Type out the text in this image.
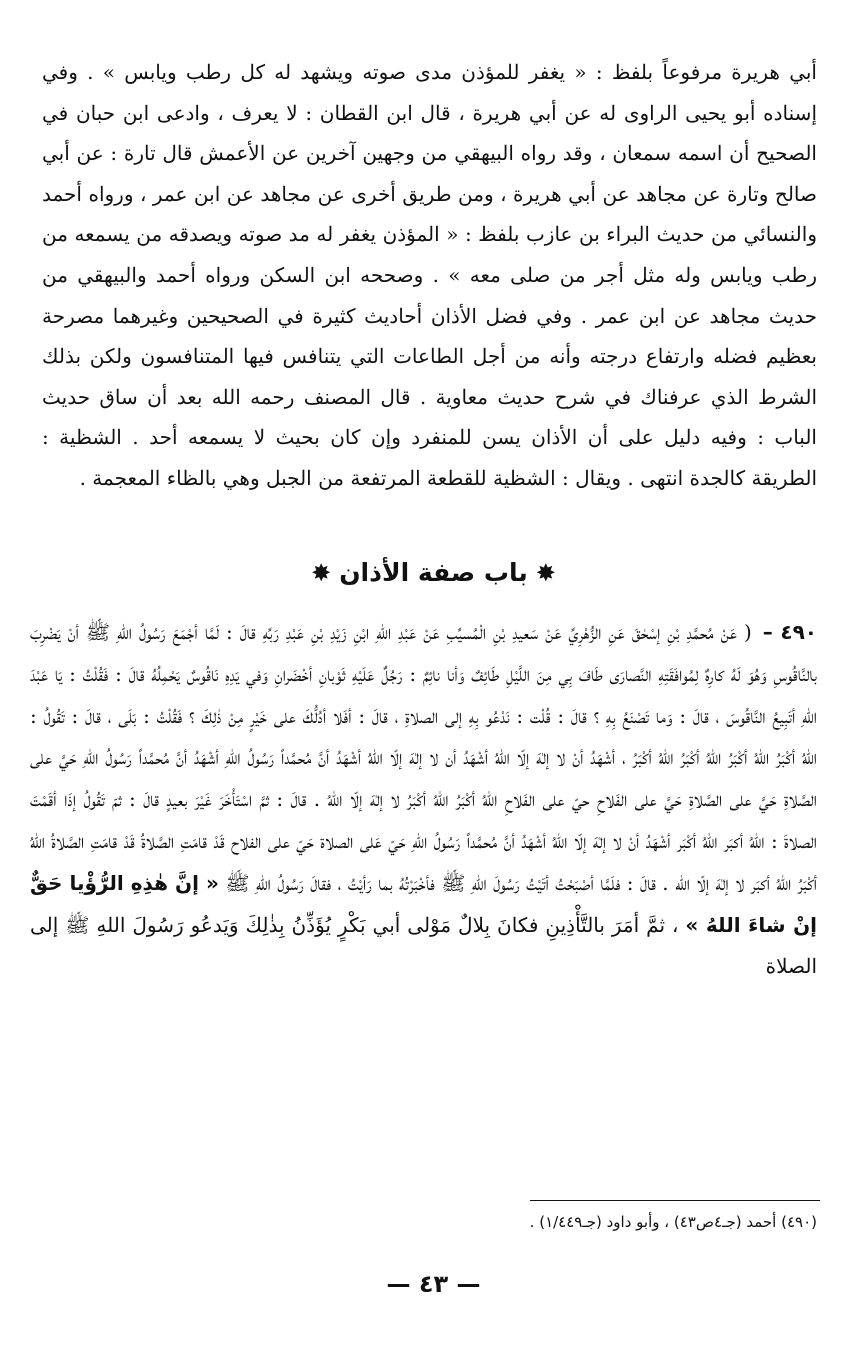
أبي هريرة مرفوعاً بلفظ : « يغفر للمؤذن مدى صوته ويشهد له كل رطب ويابس » . وفي إسناده أبو يحيى الراوى له عن أبي هريرة ، قال ابن القطان : لا يعرف ، وادعى ابن حبان في الصحيح أن اسمه سمعان ، وقد رواه البيهقي من وجهين آخرين عن الأعمش قال تارة : عن أبي صالح وتارة عن مجاهد عن أبي هريرة ، ومن طريق أخرى عن مجاهد عن ابن عمر ، ورواه أحمد والنسائي من حديث البراء بن عازب بلفظ : « المؤذن يغفر له مد صوته ويصدقه من يسمعه من رطب ويابس وله مثل أجر من صلى معه » . وصححه ابن السكن ورواه أحمد والبيهقي من حديث مجاهد عن ابن عمر . وفي فضل الأذان أحاديث كثيرة في الصحيحين وغيرهما مصرحة بعظيم فضله وارتفاع درجته وأنه من أجل الطاعات التي يتنافس فيها المتنافسون ولكن بذلك الشرط الذي عرفناك في شرح حديث معاوية . قال المصنف رحمه الله بعد أن ساق حديث الباب : وفيه دليل على أن الأذان يسن للمنفرد وإن كان بحيث لا يسمعه أحد . الشظية : الطريقة كالجدة انتهى . ويقال : الشظية للقطعة المرتفعة من الجبل وهي بالظاء المعجمة .

✸باب صفة الأذان✸

٤٩٠ – ( عَنْ مُحمَّدِ بْنِ إسْحٰقَ عَنِ الزُّهْرِيِّ عَنْ سَعيدِ بْنِ الْمُسيِّبِ عَنْ عَبْدِ اللهِ ابْنِ زَيْدِ بْنِ عَبْدِ رَبِّهِ قالَ : لَمَّا أجْمَعَ رَسُولُ اللهِ ﷺ أنْ يَضْرِبَ بالنَّاقُوسِ وَهُوَ لَهُ كارِهٌ لِمُوافَقَتِهِ النَّصارَى طَافَ بِي مِنَ اللَّيْلِ طَائِفٌ وَأنا نائِمٌ : رَجُلٌ عَلَيْهِ ثَوْبانِ أخْضَرانِ وَفي يَدِهِ نَاقُوسٌ يَحْمِلُهُ قالَ : فَقُلْتُ : يَا عَبْدَ اللهِ أتَبِيعُ النَّاقُوسَ ، قالَ : وَما تَصْنَعُ بِهِ ؟ قالَ : قُلْت : نَدْعُو بِهِ إلى الصلاةِ ، قالَ : أفَلا أدُلُّكَ على خَيْرٍ مِنْ ذٰلِكَ ؟ فَقُلْتُ : بَلَى ، قالَ : تَقُولُ : اللّهُ أكْبَرُ اللّهُ أكْبَرُ اللّهُ أكْبَرُ اللّهُ أكْبَرُ ، أشْهَدُ أنْ لا إلٰهَ إلّا اللهُ أشْهَدُ أن لا إلٰهَ إلّا اللهُ أشْهَدُ أنَّ مُحمَّداً رَسُولُ اللهِ أشْهَدُ أنَّ مُحمَّداً رَسُولُ اللهِ حَيَّ على الصَّلاةِ حَيَّ على الصَّلاةِ حَيَّ على الفَلاحِ حيّ على الفَلاحِ اللّهُ أكْبَرُ اللّهُ أكْبَرُ لا إلٰهَ إلّا اللهُ . قالَ : ثمَّ اسْتَأْخَرَ غَيْرَ بعيدٍ قالَ : ثمّ تَقُولُ إذَا أقَمْتَ الصلاةَ : اللّهُ أكبَر اللّهُ أكْبَر أشْهَدُ أنْ لا إلٰهَ إلّا اللهُ أشْهَدُ أنَّ مُحمَّداً رَسُولُ اللّهِ حَيّ عَلى الصلاة حَيّ على الفلاح قَدْ قامَتِ الصَّلاةُ قَدْ قامَتِ الصَّلاةُ اللّهُ أكْبَرُ اللّهُ أكبَر لا إلٰهَ إلّا الله . قالَ : فلَمَّا أصْبَحْتُ أتَيْتُ رَسُولَ اللهِ ﷺ فأخْبَرْتُهُ بما رَأيْتُ ، فقالَ رَسُولُ اللهِ ﷺ « إنَّ هٰذِهِ الرُّؤْيا حَقٌّ إنْ شاءَ اللهُ » ، ثمَّ أمَرَ بالتَّأْذِينِ فكانَ بِلالٌ مَوْلى أبي بَكْرٍ يُؤَذِّنُ بِذٰلِكَ وَيَدعُو رَسُولَ اللهِ ﷺ إلى الصلاة

(٤٩٠) أحمد (جـ٤ص٤٣) ، وأبو داود (جـ١/٤٤٩) .

— ٤٣ —
